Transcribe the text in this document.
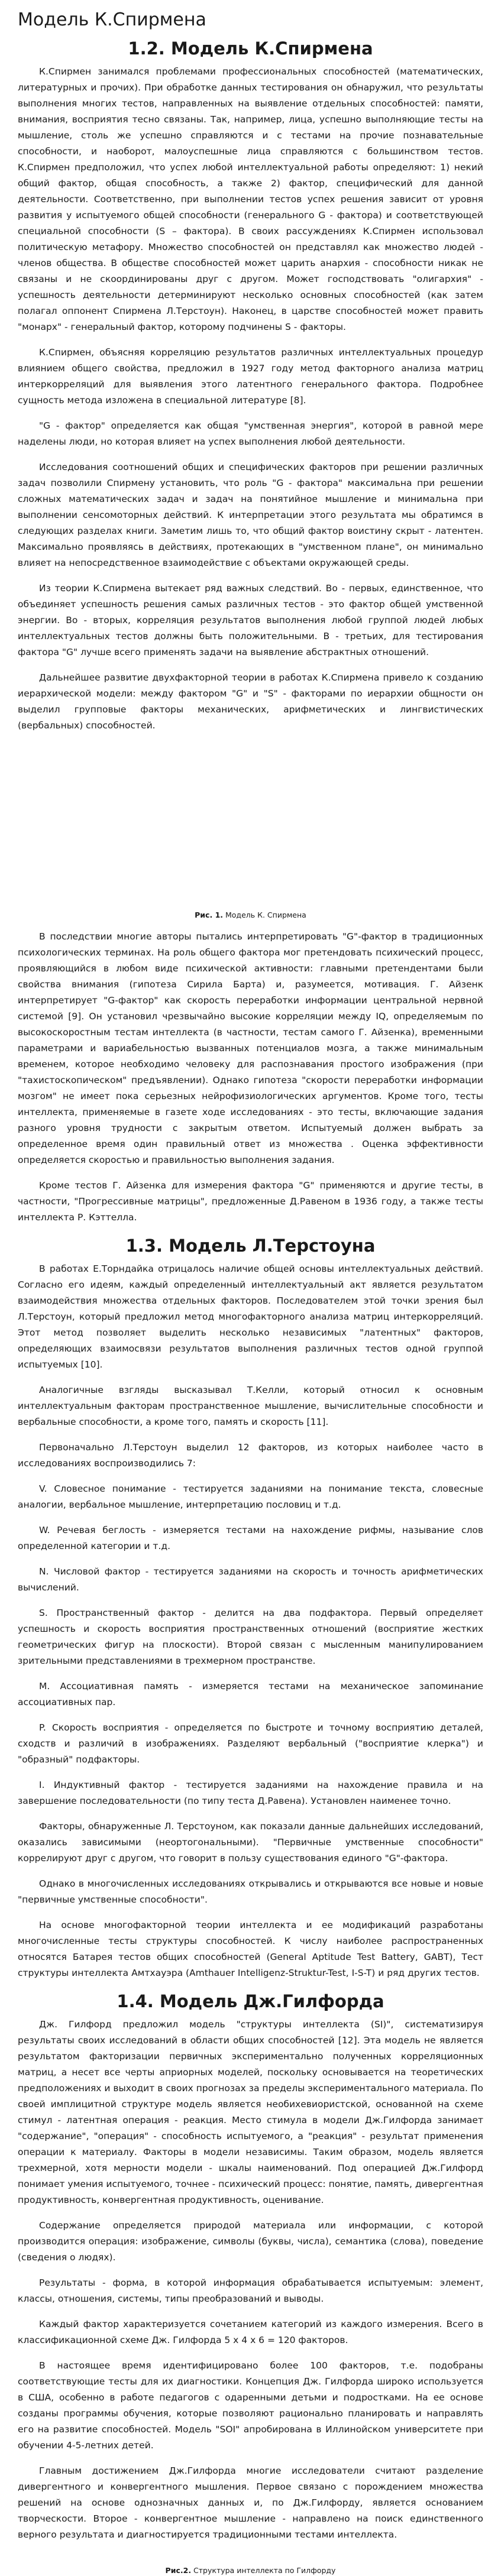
Модель К.Спирмена
1.2. Модель К.Спирмена

К.Спирмен занимался проблемами профессиональных способностей (математических, литературных и прочих). При обработке данных тестирования он обнаружил, что результаты выполнения многих тестов, направленных на выявление отдельных способностей: памяти, внимания, восприятия тесно связаны. Так, например, лица, успешно выполняющие тесты на мышление, столь же успешно справляются и с тестами на прочие познавательные способности, и наоборот, малоуспешные лица справляются с большинством тестов. К.Спирмен предположил, что успех любой интеллектуальной работы определяют: 1) некий общий фактор, общая способность, а также 2) фактор, специфический для данной деятельности. Соответственно, при выполнении тестов успех решения зависит от уровня развития у испытуемого общей способности (генерального G - фактора) и соответствующей специальной способности (S – фактора). В своих рассуждениях К.Спирмен использовал политическую метафору. Множество способностей он представлял как множество людей - членов общества. В обществе способностей может царить анархия - способности никак не связаны и не скоординированы друг с другом. Может господствовать "олигархия" - успешность деятельности детерминируют несколько основных способностей (как затем полагал оппонент Спирмена Л.Терстоун). Наконец, в царстве способностей может править "монарх" - генеральный фактор, которому подчинены S - факторы.

К.Спирмен, объясняя корреляцию результатов различных интеллектуальных процедур влиянием общего свойства, предложил в 1927 году метод факторного анализа матриц интеркорреляций для выявления этого латентного генерального фактора. Подробнее сущность метода изложена в специальной литературе [8].

"G - фактор" определяется как общая "умственная энергия", которой в равной мере наделены люди, но которая влияет на успех выполнения любой деятельности.

Исследования соотношений общих и специфических факторов при решении различных задач позволили Спирмену установить, что роль "G - фактора" максимальна при решении сложных математических задач и задач на понятийное мышление и минимальна при выполнении сенсомоторных действий. К интерпретации этого результата мы обратимся в следующих разделах книги. Заметим лишь то, что общий фактор воистину скрыт - латентен. Максимально проявляясь в действиях, протекающих в "умственном плане", он минимально влияет на непосредственное взаимодействие с объектами окружающей среды.

Из теории К.Спирмена вытекает ряд важных следствий. Во - первых, единственное, что объединяет успешность решения самых различных тестов - это фактор общей умственной энергии. Во - вторых, корреляция результатов выполнения любой группой людей любых интеллектуальных тестов должны быть положительными. В - третьих, для тестирования фактора "G" лучше всего применять задачи на выявление абстрактных отношений.

Дальнейшее развитие двухфакторной теории в работах К.Спирмена привело к созданию иерархической модели: между фактором "G" и "S" - факторами по иерархии общности он выделил групповые факторы механических, арифметических и лингвистических (вербальных) способностей.

Рис. 1. Модель К. Спирмена

В последствии многие авторы пытались интерпретировать "G"-фактор в традиционных психологических терминах. На роль общего фактора мог претендовать психический процесс, проявляющийся в любом виде психической активности: главными претендентами были свойства внимания (гипотеза Сирила Барта) и, разумеется, мотивация. Г. Айзенк интерпретирует "G-фактор" как скорость переработки информации центральной нервной системой [9]. Он установил чрезвычайно высокие корреляции между IQ, определяемым по высокоскоростным тестам интеллекта (в частности, тестам самого Г. Айзенка), временными параметрами и вариабельностью вызванных потенциалов мозга, а также минимальным временем, которое необходимо человеку для распознавания простого изображения (при "тахистоскопическом" предъявлении). Однако гипотеза "скорости переработки информации мозгом" не имеет пока серьезных нейрофизиологических аргументов. Кроме того, тесты интеллекта, применяемые в газете ходе исследованиях - это тесты, включающие задания разного уровня трудности с закрытым ответом. Испытуемый должен выбрать за определенное время один правильный ответ из множества . Оценка эффективности определяется скоростью и правильностью выполнения задания.

Кроме тестов Г. Айзенка для измерения фактора "G" применяются и другие тесты, в частности, "Прогрессивные матрицы", предложенные Д.Равеном в 1936 году, а также тесты интеллекта Р. Кэттелла.

1.3. Модель Л.Терстоуна

В работах Е.Торндайка отрицалось наличие общей основы интеллектуальных действий. Согласно его идеям, каждый определенный интеллектуальный акт является результатом взаимодействия множества отдельных факторов. Последователем этой точки зрения был Л.Терстоун, который предложил метод многофакторного анализа матриц интеркорреляций. Этот метод позволяет выделить несколько независимых "латентных" факторов, определяющих взаимосвязи результатов выполнения различных тестов одной группой испытуемых [10].

Аналогичные взгляды высказывал Т.Келли, который относил к основным интеллектуальным факторам пространственное мышление, вычислительные способности и вербальные способности, а кроме того, память и скорость [11].

Первоначально Л.Терстоун выделил 12 факторов, из которых наиболее часто в исследованиях воспроизводились 7:

V. Словесное понимание - тестируется заданиями на понимание текста, словесные аналогии, вербальное мышление, интерпретацию пословиц и т.д.

W. Речевая беглость - измеряется тестами на нахождение рифмы, называние слов определенной категории и т.д.

N. Числовой фактор - тестируется заданиями на скорость и точность арифметических вычислений.

S. Пространственный фактор - делится на два подфактора. Первый определяет успешность и скорость восприятия пространственных отношений (восприятие жестких геометрических фигур на плоскости). Второй связан с мысленным манипулированием зрительными представлениями в трехмерном пространстве.

M. Ассоциативная память - измеряется тестами на механическое запоминание ассоциативных пар.

P. Скорость восприятия - определяется по быстроте и точному восприятию деталей, сходств и различий в изображениях. Разделяют вербальный ("восприятие клерка") и "образный" подфакторы.

I. Индуктивный фактор - тестируется заданиями на нахождение правила и на завершение последовательности (по типу теста Д.Равена). Установлен наименее точно.

Факторы, обнаруженные Л. Терстоуном, как показали данные дальнейших исследований, оказались зависимыми (неортогональными). "Первичные умственные способности" коррелируют друг с другом, что говорит в пользу существования единого "G"-фактора.

Однако в многочисленных исследованиях открывались и открываются все новые и новые "первичные умственные способности".

На основе многофакторной теории интеллекта и ее модификаций разработаны многочисленные тесты структуры способностей. К числу наиболее распространенных относятся Батарея тестов общих способностей (General Aptitude Test Battery, GABT), Тест структуры интеллекта Амтхауэра (Amthauer Intelligenz-Struktur-Test, I-S-T) и ряд других тестов.

1.4. Модель Дж.Гилфорда

Дж. Гилфорд предложил модель "структуры интеллекта (SI)", систематизируя результаты своих исследований в области общих способностей [12]. Эта модель не является результатом факторизации первичных экспериментально полученных корреляционных матриц, а несет все черты априорных моделей, поскольку основывается на теоретических предположениях и выходит в своих прогнозах за пределы экспериментального материала. По своей имплицитной структуре модель является необихевиористской, основанной на схеме стимул - латентная операция - реакция. Место стимула в модели Дж.Гилфорда занимает "содержание", "операция" - способность испытуемого, а "реакция" - результат применения операции к материалу. Факторы в модели независимы. Таким образом, модель является трехмерной, хотя мерности модели - шкалы наименований. Под операцией Дж.Гилфорд понимает умения испытуемого, точнее - психический процесс: понятие, память, дивергентная продуктивность, конвергентная продуктивность, оценивание.

Содержание определяется природой материала или информации, с которой производится операция: изображение, символы (буквы, числа), семантика (слова), поведение (сведения о людях).

Результаты - форма, в которой информация обрабатывается испытуемым: элемент, классы, отношения, системы, типы преобразований и выводы.

Каждый фактор характеризуется сочетанием категорий из каждого измерения. Всего в классификационной схеме Дж. Гилфорда 5 х 4 х 6 = 120 факторов.

В настоящее время идентифицировано более 100 факторов, т.е. подобраны соответствующие тесты для их диагностики. Концепция Дж. Гилфорда широко используется в США, особенно в работе педагогов с одаренными детьми и подростками. На ее основе созданы программы обучения, которые позволяют рационально планировать и направлять его на развитие способностей. Модель "SOI" апробирована в Иллинойском университете при обучении 4-5-летних детей.

Главным достижением Дж.Гилфорда многие исследователи считают разделение дивергентного и конвергентного мышления. Первое связано с порождением множества решений на основе однозначных данных и, по Дж.Гилфорду, является основанием творческости. Второе - конвергентное мышление - направлено на поиск единственного верного результата и диагностируется традиционными тестами интеллекта.

Рис.2. Структура интеллекта по Гилфорду
